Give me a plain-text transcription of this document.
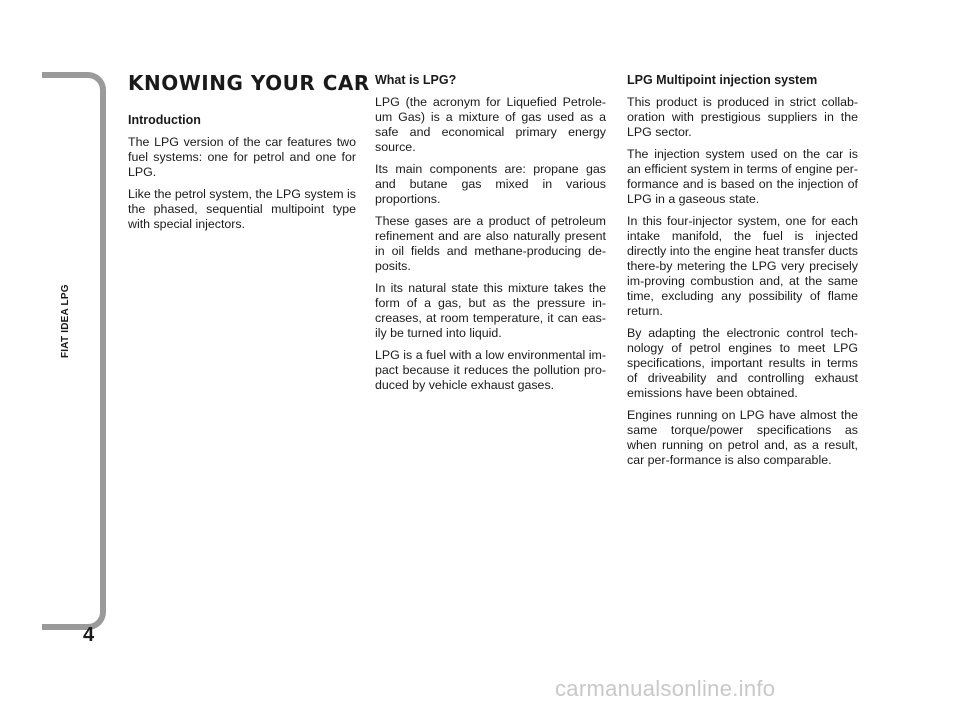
FIAT IDEA LPG
4
KNOWING YOUR CAR

Introduction

The LPG version of the car features two fuel systems: one for petrol and one for LPG.

Like the petrol system, the LPG system is the phased, sequential multipoint type with special injectors.

What is LPG?

LPG (the acronym for Liquefied Petrole-um Gas) is a mixture of gas used as a safe and economical primary energy source.

Its main components are: propane gas and butane gas mixed in various proportions.

These gases are a product of petroleum refinement and are also naturally present in oil fields and methane-producing de-posits.

In its natural state this mixture takes the form of a gas, but as the pressure in-creases, at room temperature, it can eas-ily be turned into liquid.

LPG is a fuel with a low environmental im-pact because it reduces the pollution pro-duced by vehicle exhaust gases.

LPG Multipoint injection system

This product is produced in strict collab-oration with prestigious suppliers in the LPG sector.

The injection system used on the car is an efficient system in terms of engine per-formance and is based on the injection of LPG in a gaseous state.

In this four-injector system, one for each intake manifold, the fuel is injected directly into the engine heat transfer ducts there-by metering the LPG very precisely im-proving combustion and, at the same time, excluding any possibility of flame return.

By adapting the electronic control tech-nology of petrol engines to meet LPG specifications, important results in terms of driveability and controlling exhaust emissions have been obtained.

Engines running on LPG have almost the same torque/power specifications as when running on petrol and, as a result, car per-formance is also comparable.

carmanualsonline.info
